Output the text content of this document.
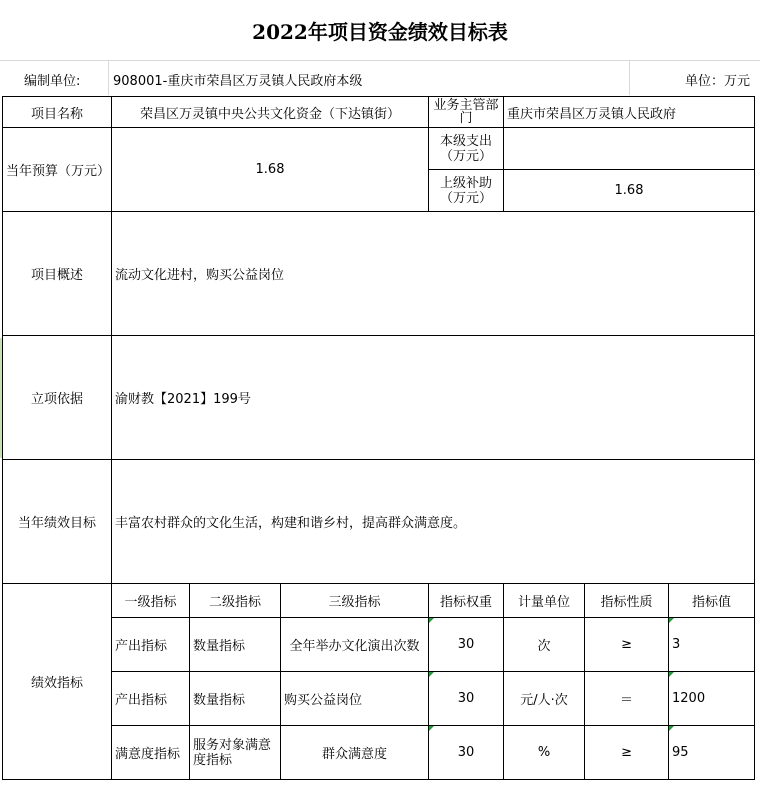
2022年项目资金绩效目标表
编制单位:	908001-重庆市荣昌区万灵镇人民政府本级	单位：万元
项目名称	荣昌区万灵镇中央公共文化资金（下达镇街）			业务主管部门	重庆市荣昌区万灵镇人民政府		
当年预算（万元）	1.68			本级支出（万元）			
				上级补助（万元）	1.68		
项目概述	流动文化进村，购买公益岗位						
立项依据	渝财教【2021】199号						
当年绩效目标	丰富农村群众的文化生活，构建和谐乡村，提高群众满意度。						
绩效指标	一级指标	二级指标	三级指标	指标权重	计量单位	指标性质	指标值
	产出指标	数量指标	全年举办文化演出次数	30	次	≥	3
	产出指标	数量指标	购买公益岗位	30	元/人·次	＝	1200
	满意度指标	服务对象满意度指标	群众满意度	30	%	≥	95
